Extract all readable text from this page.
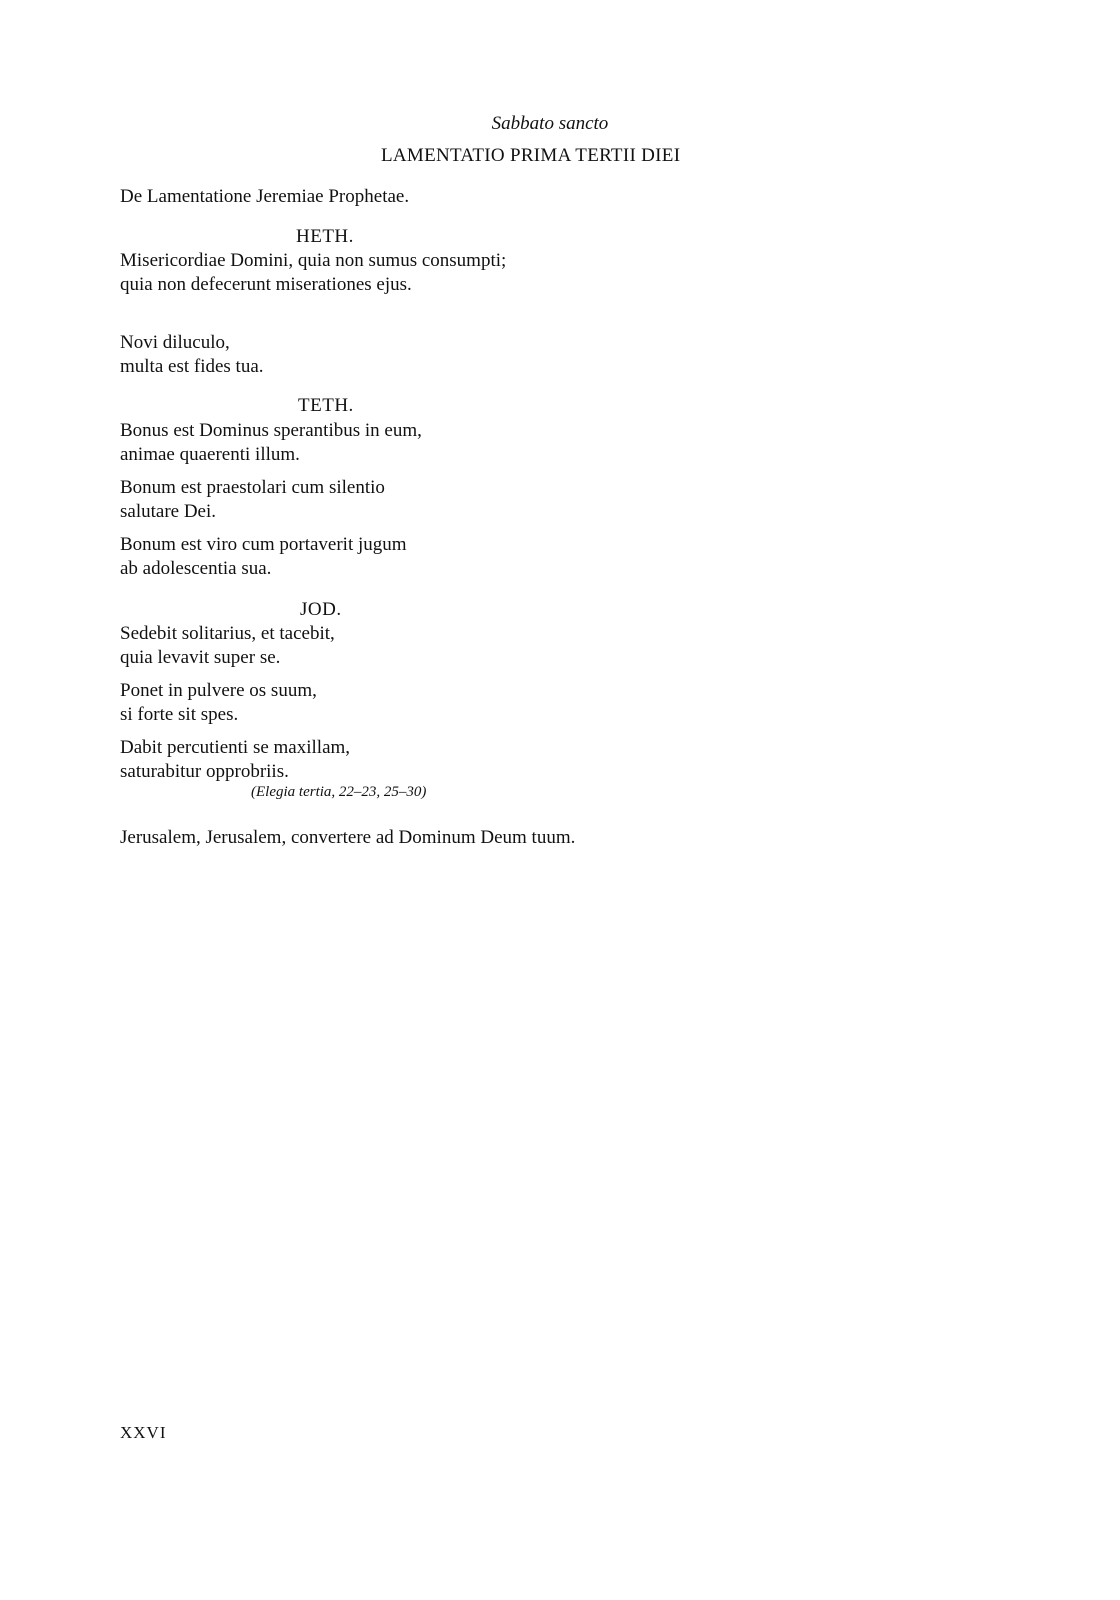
Sabbato sancto
LAMENTATIO PRIMA TERTII DIEI
De Lamentatione Jeremiae Prophetae.
HETH.
Misericordiae Domini, quia non sumus consumpti;
quia non defecerunt miserationes ejus.
Novi diluculo,
multa est fides tua.
TETH.
Bonus est Dominus sperantibus in eum,
animae quaerenti illum.
Bonum est praestolari cum silentio
salutare Dei.
Bonum est viro cum portaverit jugum
ab adolescentia sua.
JOD.
Sedebit solitarius, et tacebit,
quia levavit super se.
Ponet in pulvere os suum,
si forte sit spes.
Dabit percutienti se maxillam,
saturabitur opprobriis.
(Elegia tertia, 22–23, 25–30)
Jerusalem, Jerusalem, convertere ad Dominum Deum tuum.
XXVI
